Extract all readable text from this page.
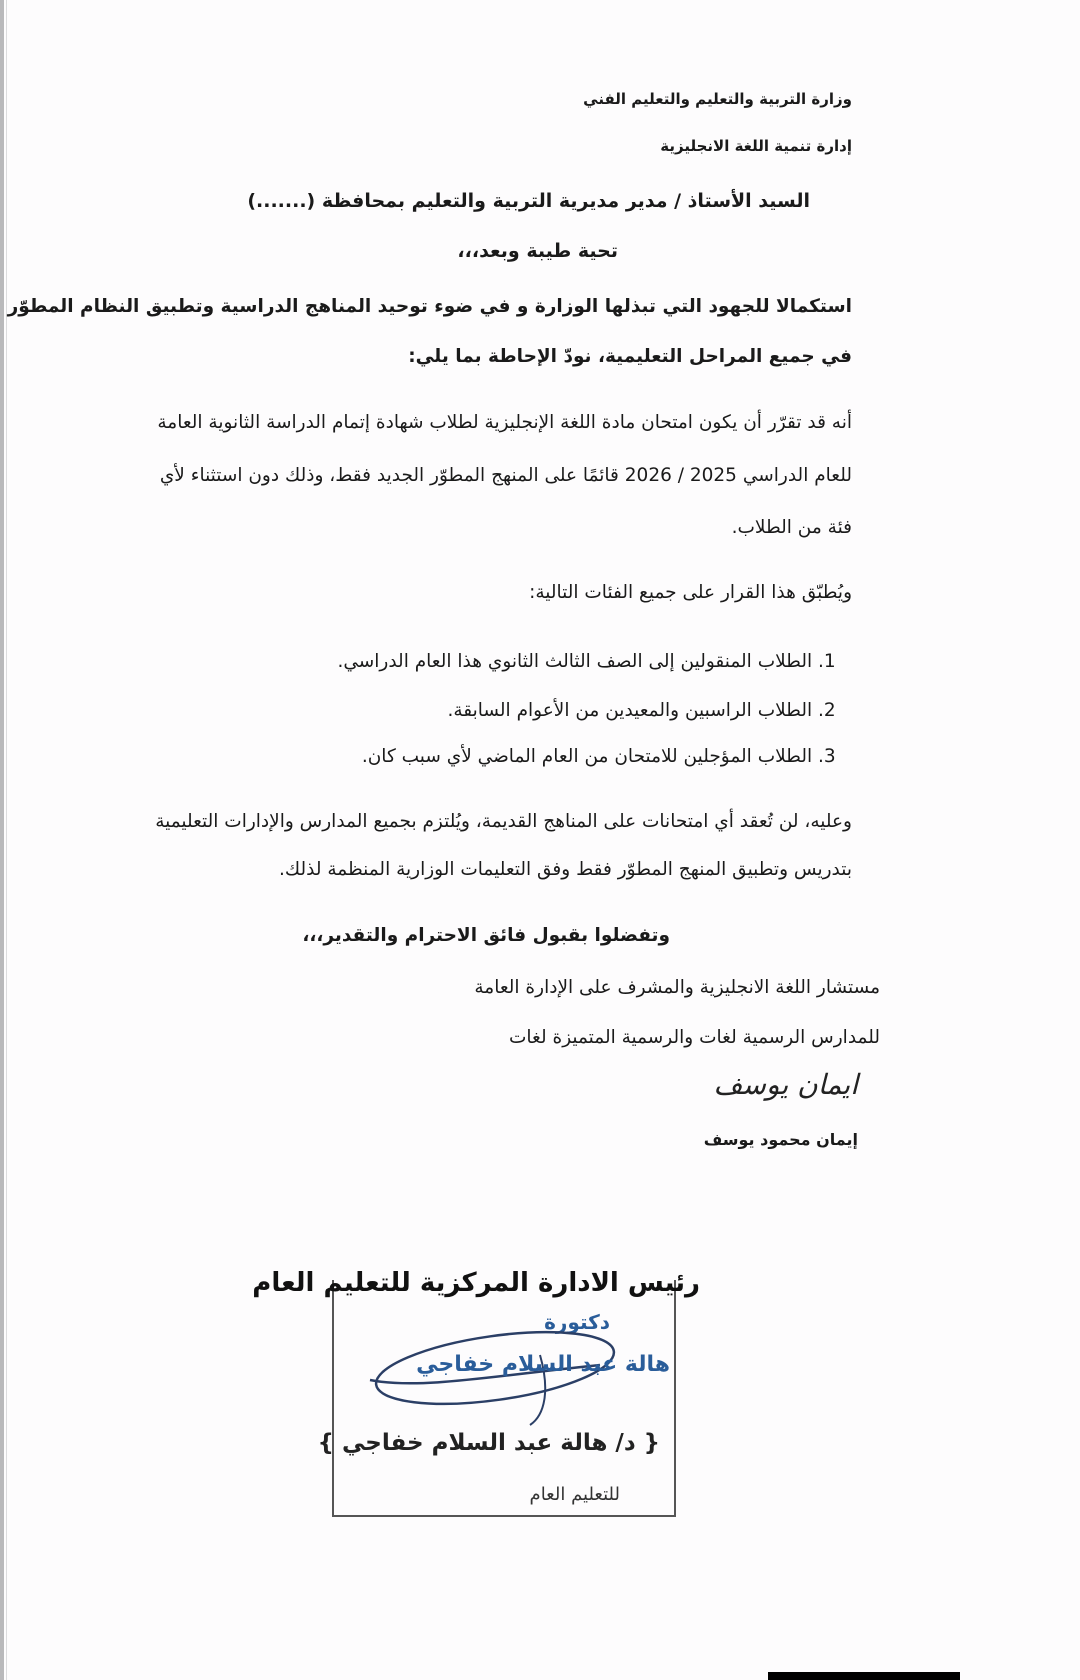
وزارة التربية والتعليم والتعليم الفني
إدارة تنمية اللغة الانجليزية
السيد الأستاذ / مدير مديرية التربية والتعليم بمحافظة (.......)
تحية طيبة وبعد،،،
استكمالا للجهود التي تبذلها الوزارة و في ضوء توحيد المناهج الدراسية وتطبيق النظام المطوّر
في جميع المراحل التعليمية، نودّ الإحاطة بما يلي:
أنه قد تقرّر أن يكون امتحان مادة اللغة الإنجليزية لطلاب شهادة إتمام الدراسة الثانوية العامة
للعام الدراسي 2025 / 2026 قائمًا على المنهج المطوّر الجديد فقط، وذلك دون استثناء لأي
فئة من الطلاب.
ويُطبّق هذا القرار على جميع الفئات التالية:
1. الطلاب المنقولين إلى الصف الثالث الثانوي هذا العام الدراسي.
2. الطلاب الراسبين والمعيدين من الأعوام السابقة.
3. الطلاب المؤجلين للامتحان من العام الماضي لأي سبب كان.
وعليه، لن تُعقد أي امتحانات على المناهج القديمة، ويُلتزم بجميع المدارس والإدارات التعليمية
بتدريس وتطبيق المنهج المطوّر فقط وفق التعليمات الوزارية المنظمة لذلك.
وتفضلوا بقبول فائق الاحترام والتقدير،،،
مستشار اللغة الانجليزية والمشرف على الإدارة العامة
للمدارس الرسمية لغات والرسمية المتميزة لغات
ايمان يوسف
إيمان محمود يوسف
رئيس الادارة المركزية للتعليم العام
دكتورة
هالة عبد السلام خفاجي
{ د/ هالة عبد السلام خفاجي }
للتعليم العام
